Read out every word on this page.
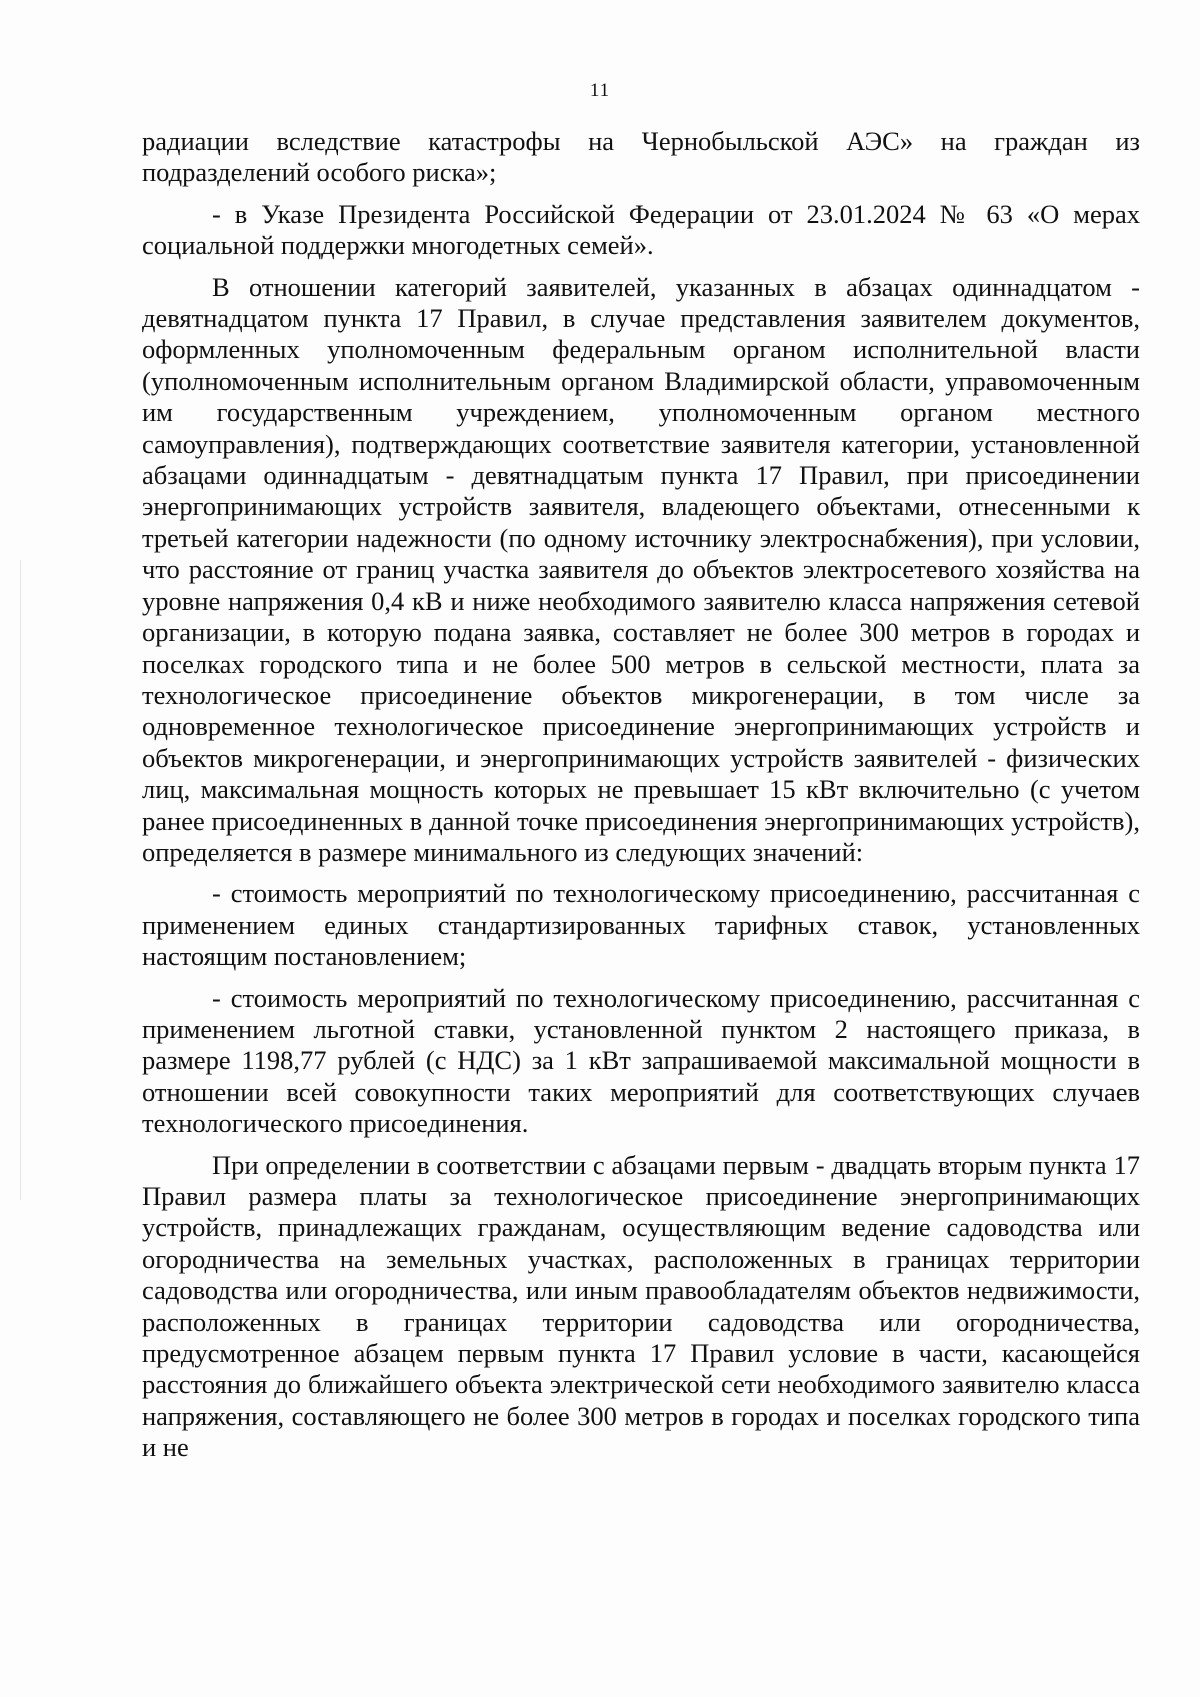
11

радиации вследствие катастрофы на Чернобыльской АЭС» на граждан из подразделений особого риска»;

- в Указе Президента Российской Федерации от 23.01.2024 № 63 «О мерах социальной поддержки многодетных семей».

В отношении категорий заявителей, указанных в абзацах одиннадцатом - девятнадцатом пункта 17 Правил, в случае представления заявителем документов, оформленных уполномоченным федеральным органом исполнительной власти (уполномоченным исполнительным органом Владимирской области, управомоченным им государственным учреждением, уполномоченным органом местного самоуправления), подтверждающих соответствие заявителя категории, установленной абзацами одиннадцатым - девятнадцатым пункта 17 Правил, при присоединении энергопринимающих устройств заявителя, владеющего объектами, отнесенными к третьей категории надежности (по одному источнику электроснабжения), при условии, что расстояние от границ участка заявителя до объектов электросетевого хозяйства на уровне напряжения 0,4 кВ и ниже необходимого заявителю класса напряжения сетевой организации, в которую подана заявка, составляет не более 300 метров в городах и поселках городского типа и не более 500 метров в сельской местности, плата за технологическое присоединение объектов микрогенерации, в том числе за одновременное технологическое присоединение энергопринимающих устройств и объектов микрогенерации, и энергопринимающих устройств заявителей - физических лиц, максимальная мощность которых не превышает 15 кВт включительно (с учетом ранее присоединенных в данной точке присоединения энергопринимающих устройств), определяется в размере минимального из следующих значений:

- стоимость мероприятий по технологическому присоединению, рассчитанная с применением единых стандартизированных тарифных ставок, установленных настоящим постановлением;

- стоимость мероприятий по технологическому присоединению, рассчитанная с применением льготной ставки, установленной пунктом 2 настоящего приказа, в размере 1198,77 рублей (с НДС) за 1 кВт запрашиваемой максимальной мощности в отношении всей совокупности таких мероприятий для соответствующих случаев технологического присоединения.

При определении в соответствии с абзацами первым - двадцать вторым пункта 17 Правил размера платы за технологическое присоединение энергопринимающих устройств, принадлежащих гражданам, осуществляющим ведение садоводства или огородничества на земельных участках, расположенных в границах территории садоводства или огородничества, или иным правообладателям объектов недвижимости, расположенных в границах территории садоводства или огородничества, предусмотренное абзацем первым пункта 17 Правил условие в части, касающейся расстояния до ближайшего объекта электрической сети необходимого заявителю класса напряжения, составляющего не более 300 метров в городах и поселках городского типа и не
